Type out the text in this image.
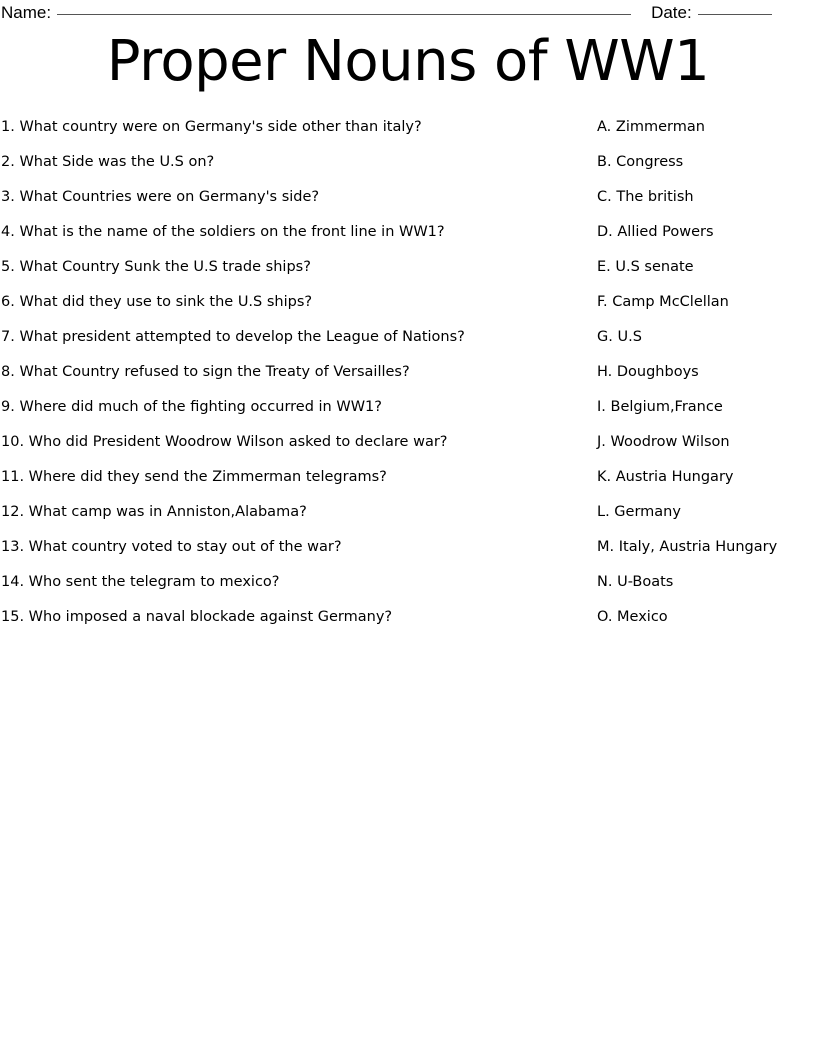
Name:	Date:
Proper Nouns of WW1
1. What country were on Germany's side other than italy?
2. What Side was the U.S on?
3. What Countries were on Germany's side?
4. What is the name of the soldiers on the front line in WW1?
5. What Country Sunk the U.S trade ships?
6. What did they use to sink the U.S ships?
7. What president attempted to develop the League of Nations?
8. What Country refused to sign the Treaty of Versailles?
9. Where did much of the fighting occurred in WW1?
10. Who did President Woodrow Wilson asked to declare war?
11. Where did they send the Zimmerman telegrams?
12. What camp was in Anniston,Alabama?
13. What country voted to stay out of the war?
14. Who sent the telegram to mexico?
15. Who imposed a naval blockade against Germany?
A. Zimmerman
B. Congress
C. The british
D. Allied Powers
E. U.S senate
F. Camp McClellan
G. U.S
H. Doughboys
I. Belgium,France
J. Woodrow Wilson
K. Austria Hungary
L. Germany
M. Italy, Austria Hungary
N. U-Boats
O. Mexico
